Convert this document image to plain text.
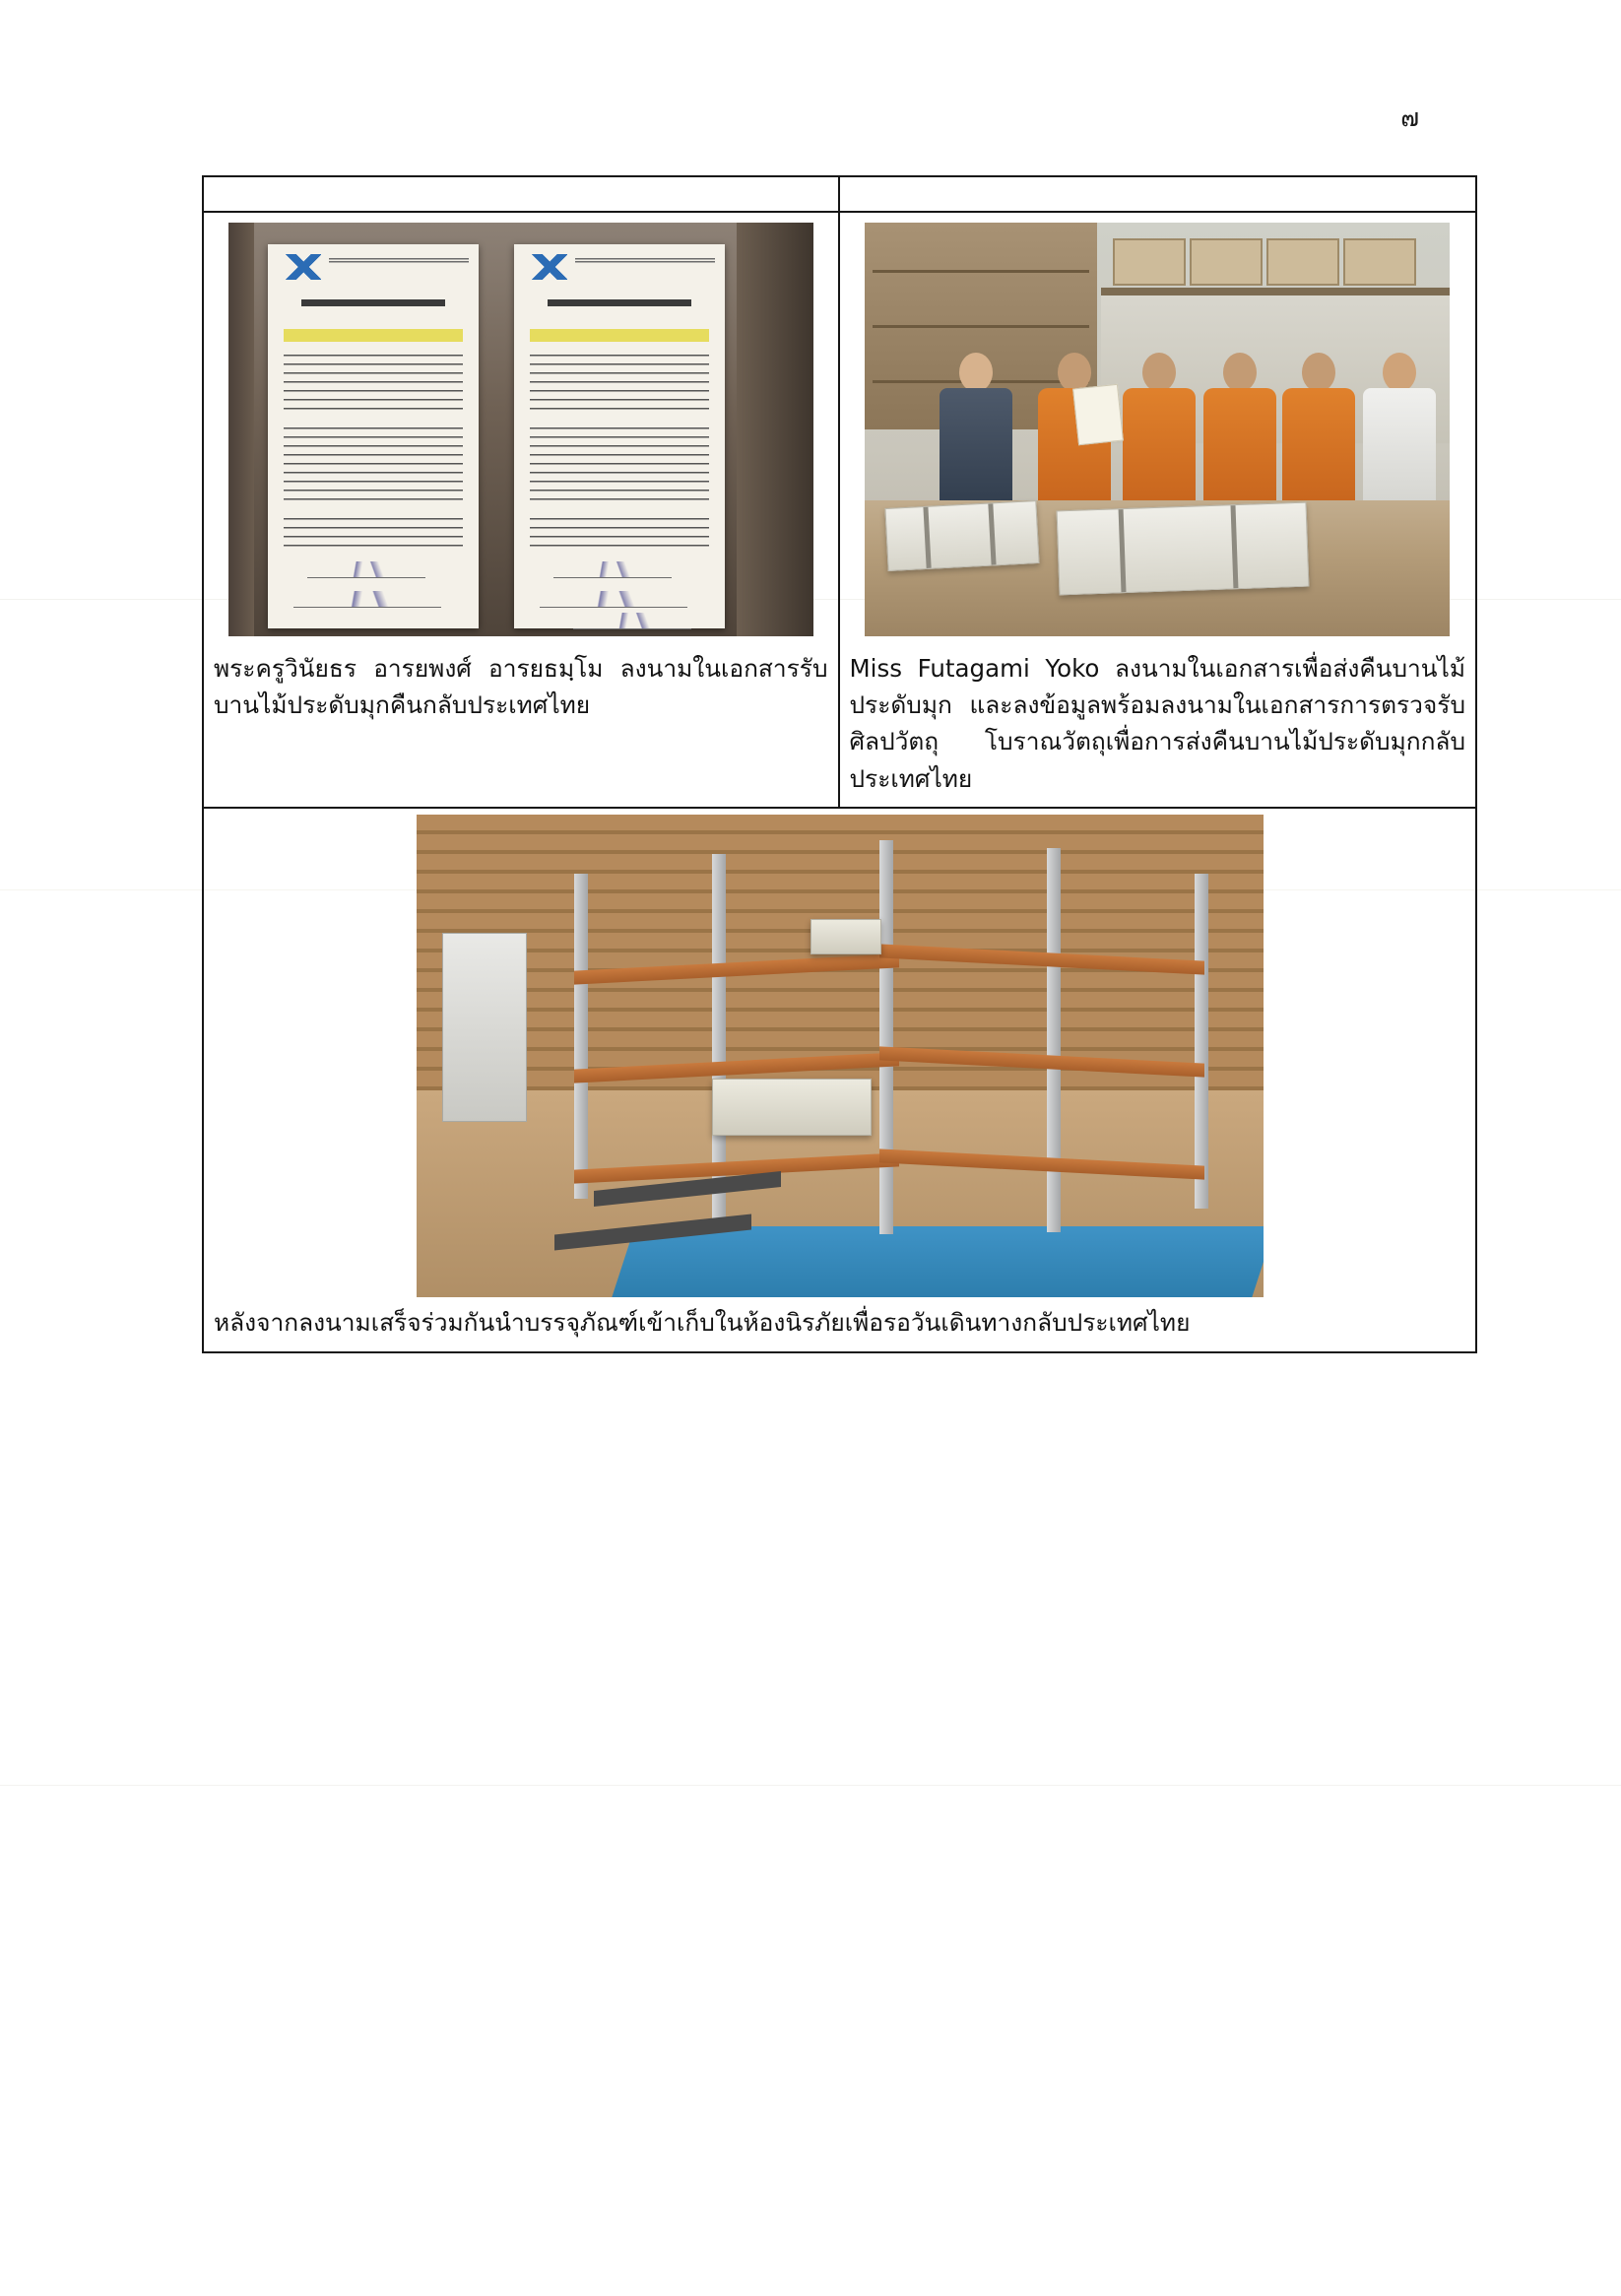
๗
พระครูวินัยธร อารยพงศ์ อารยธมฺโม ลงนามในเอกสารรับบานไม้ประดับมุกคืนกลับประเทศไทย
Miss Futagami Yoko ลงนามในเอกสารเพื่อส่งคืนบานไม้ประดับมุก และลงข้อมูลพร้อมลงนามในเอกสารการตรวจรับศิลปวัตถุ โบราณวัตถุเพื่อการส่งคืนบานไม้ประดับมุกกลับประเทศไทย
หลังจากลงนามเสร็จร่วมกันนำบรรจุภัณฑ์เข้าเก็บในห้องนิรภัยเพื่อรอวันเดินทางกลับประเทศไทย
